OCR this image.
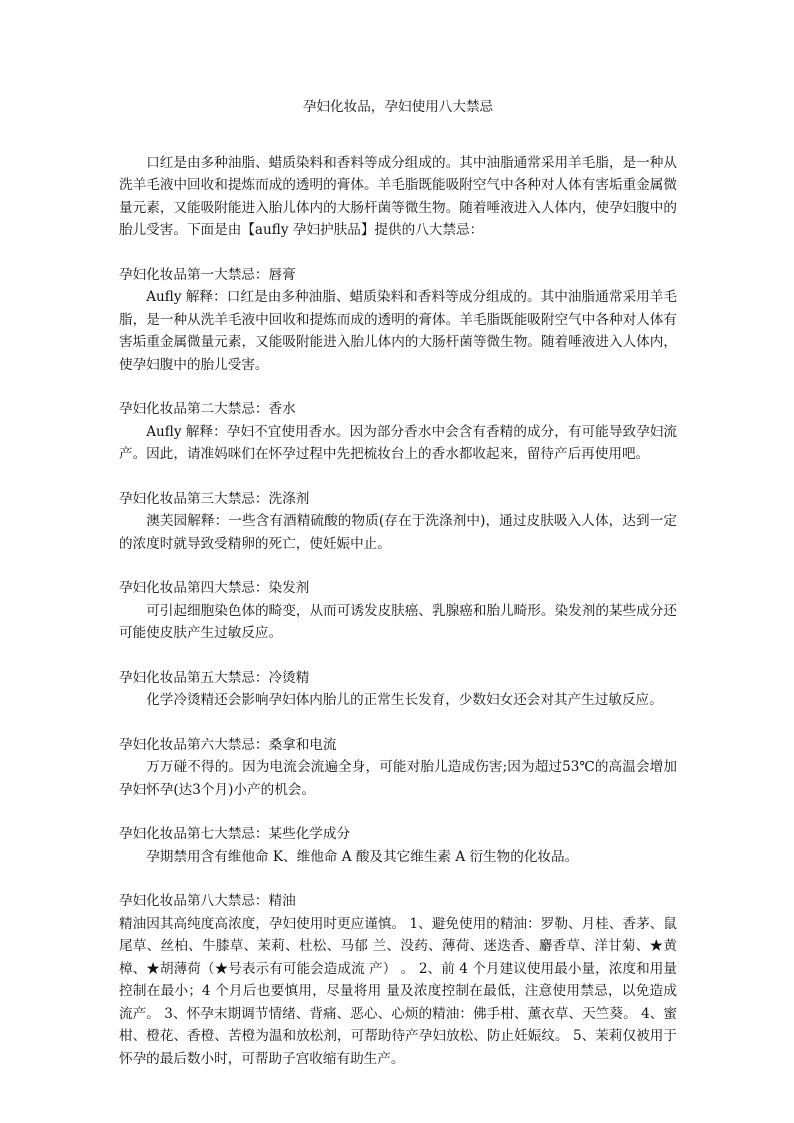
孕妇化妆品，孕妇使用八大禁忌

口红是由多种油脂、蜡质染料和香料等成分组成的。其中油脂通常采用羊毛脂，是一种从洗羊毛液中回收和提炼而成的透明的膏体。羊毛脂既能吸附空气中各种对人体有害垢重金属微量元素，又能吸附能进入胎儿体内的大肠杆菌等微生物。随着唾液进入人体内，使孕妇腹中的胎儿受害。下面是由【aufly 孕妇护肤品】提供的八大禁忌：

孕妇化妆品第一大禁忌：唇膏

Aufly 解释：口红是由多种油脂、蜡质染料和香料等成分组成的。其中油脂通常采用羊毛脂，是一种从洗羊毛液中回收和提炼而成的透明的膏体。羊毛脂既能吸附空气中各种对人体有害垢重金属微量元素，又能吸附能进入胎儿体内的大肠杆菌等微生物。随着唾液进入人体内，使孕妇腹中的胎儿受害。

孕妇化妆品第二大禁忌：香水

Aufly 解释：孕妇不宜使用香水。因为部分香水中会含有香精的成分，有可能导致孕妇流产。因此，请准妈咪们在怀孕过程中先把梳妆台上的香水都收起来，留待产后再使用吧。

孕妇化妆品第三大禁忌：洗涤剂

澳芙园解释：一些含有酒精硫酸的物质(存在于洗涤剂中)，通过皮肤吸入人体，达到一定的浓度时就导致受精卵的死亡，使妊娠中止。

孕妇化妆品第四大禁忌：染发剂

可引起细胞染色体的畸变，从而可诱发皮肤癌、乳腺癌和胎儿畸形。染发剂的某些成分还可能使皮肤产生过敏反应。

孕妇化妆品第五大禁忌：冷烫精

化学冷烫精还会影响孕妇体内胎儿的正常生长发育，少数妇女还会对其产生过敏反应。

孕妇化妆品第六大禁忌：桑拿和电流

万万碰不得的。因为电流会流遍全身，可能对胎儿造成伤害;因为超过53℃的高温会增加孕妇怀孕(达3个月)小产的机会。

孕妇化妆品第七大禁忌：某些化学成分

孕期禁用含有维他命 K、维他命 A 酸及其它维生素 A 衍生物的化妆品。

孕妇化妆品第八大禁忌：精油

精油因其高纯度高浓度，孕妇使用时更应谨慎。 1、避免使用的精油：罗勒、月桂、香茅、鼠尾草、丝柏、牛膝草、茉莉、杜松、马郁 兰、没药、薄荷、迷迭香、麝香草、洋甘菊、★黄樟、★胡薄荷（★号表示有可能会造成流 产） 。 2、前 4 个月建议使用最小量，浓度和用量控制在最小；4 个月后也要慎用，尽量将用 量及浓度控制在最低，注意使用禁忌，以免造成流产。 3、怀孕末期调节情绪、背痛、恶心、心烦的精油：佛手柑、薰衣草、天竺葵。 4、蜜柑、橙花、香橙、苦橙为温和放松剂，可帮助待产孕妇放松、防止妊娠纹。 5、茉莉仅被用于怀孕的最后数小时，可帮助子宫收缩有助生产。
